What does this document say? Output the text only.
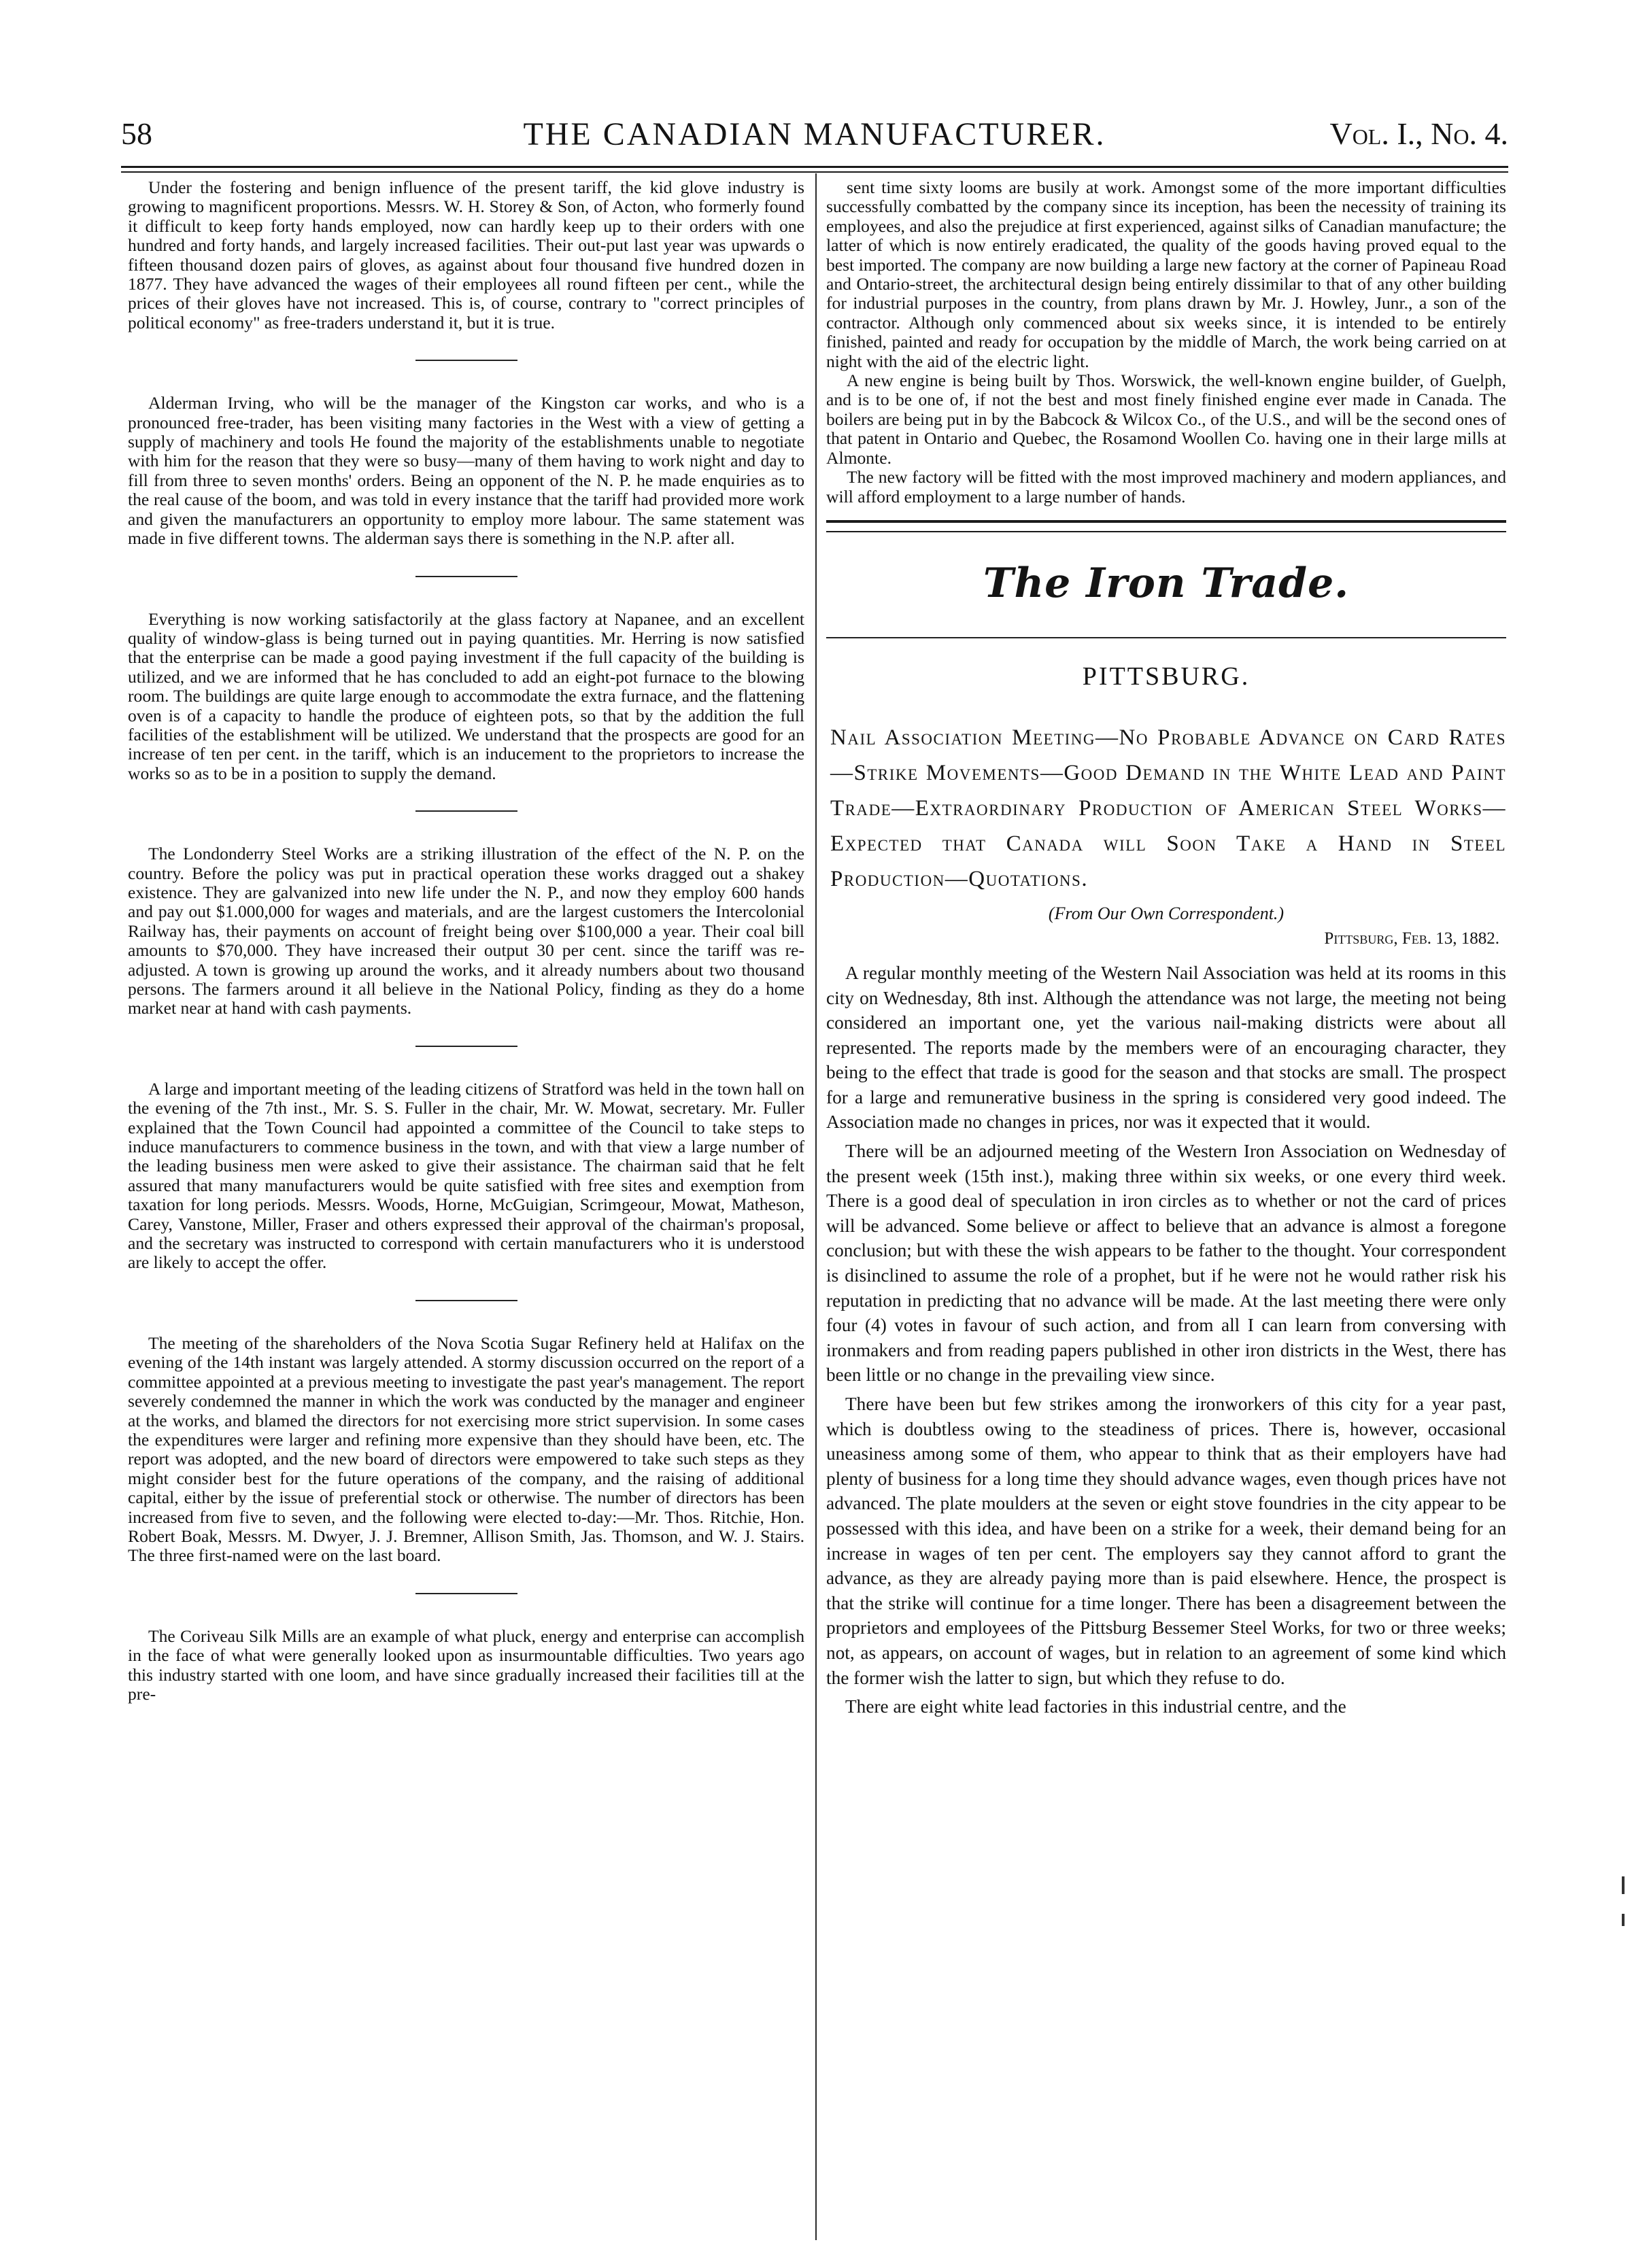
58	THE CANADIAN MANUFACTURER.	Vol. I., No. 4.

Under the fostering and benign influence of the present tariff, the kid glove industry is growing to magnificent proportions. Messrs. W. H. Storey & Son, of Acton, who formerly found it difficult to keep forty hands employed, now can hardly keep up to their orders with one hundred and forty hands, and largely increased facilities. Their out-put last year was upwards o fifteen thousand dozen pairs of gloves, as against about four thousand five hundred dozen in 1877. They have advanced the wages of their employees all round fifteen per cent., while the prices of their gloves have not increased. This is, of course, contrary to "correct principles of political economy" as free-traders understand it, but it is true.

Alderman Irving, who will be the manager of the Kingston car works, and who is a pronounced free-trader, has been visiting many factories in the West with a view of getting a supply of machinery and tools He found the majority of the establishments unable to negotiate with him for the reason that they were so busy—many of them having to work night and day to fill from three to seven months' orders. Being an opponent of the N. P. he made enquiries as to the real cause of the boom, and was told in every instance that the tariff had provided more work and given the manufacturers an opportunity to employ more labour. The same statement was made in five different towns. The alderman says there is something in the N.P. after all.

Everything is now working satisfactorily at the glass factory at Napanee, and an excellent quality of window-glass is being turned out in paying quantities. Mr. Herring is now satisfied that the enterprise can be made a good paying investment if the full capacity of the building is utilized, and we are informed that he has concluded to add an eight-pot furnace to the blowing room. The buildings are quite large enough to accommodate the extra furnace, and the flattening oven is of a capacity to handle the produce of eighteen pots, so that by the addition the full facilities of the establishment will be utilized. We understand that the prospects are good for an increase of ten per cent. in the tariff, which is an inducement to the proprietors to increase the works so as to be in a position to supply the demand.

The Londonderry Steel Works are a striking illustration of the effect of the N. P. on the country. Before the policy was put in practical operation these works dragged out a shakey existence. They are galvanized into new life under the N. P., and now they employ 600 hands and pay out $1.000,000 for wages and materials, and are the largest customers the Intercolonial Railway has, their payments on account of freight being over $100,000 a year. Their coal bill amounts to $70,000. They have increased their output 30 per cent. since the tariff was re-adjusted. A town is growing up around the works, and it already numbers about two thousand persons. The farmers around it all believe in the National Policy, finding as they do a home market near at hand with cash payments.

A large and important meeting of the leading citizens of Stratford was held in the town hall on the evening of the 7th inst., Mr. S. S. Fuller in the chair, Mr. W. Mowat, secretary. Mr. Fuller explained that the Town Council had appointed a committee of the Council to take steps to induce manufacturers to commence business in the town, and with that view a large number of the leading business men were asked to give their assistance. The chairman said that he felt assured that many manufacturers would be quite satisfied with free sites and exemption from taxation for long periods. Messrs. Woods, Horne, McGuigian, Scrimgeour, Mowat, Matheson, Carey, Vanstone, Miller, Fraser and others expressed their approval of the chairman's proposal, and the secretary was instructed to correspond with certain manufacturers who it is understood are likely to accept the offer.

The meeting of the shareholders of the Nova Scotia Sugar Refinery held at Halifax on the evening of the 14th instant was largely attended. A stormy discussion occurred on the report of a committee appointed at a previous meeting to investigate the past year's management. The report severely condemned the manner in which the work was conducted by the manager and engineer at the works, and blamed the directors for not exercising more strict supervision. In some cases the expenditures were larger and refining more expensive than they should have been, etc. The report was adopted, and the new board of directors were empowered to take such steps as they might consider best for the future operations of the company, and the raising of additional capital, either by the issue of preferential stock or otherwise. The number of directors has been increased from five to seven, and the following were elected to-day:—Mr. Thos. Ritchie, Hon. Robert Boak, Messrs. M. Dwyer, J. J. Bremner, Allison Smith, Jas. Thomson, and W. J. Stairs. The three first-named were on the last board.

The Coriveau Silk Mills are an example of what pluck, energy and enterprise can accomplish in the face of what were generally looked upon as insurmountable difficulties. Two years ago this industry started with one loom, and have since gradually increased their facilities till at the pre-

sent time sixty looms are busily at work. Amongst some of the more important difficulties successfully combatted by the company since its inception, has been the necessity of training its employees, and also the prejudice at first experienced, against silks of Canadian manufacture; the latter of which is now entirely eradicated, the quality of the goods having proved equal to the best imported. The company are now building a large new factory at the corner of Papineau Road and Ontario-street, the architectural design being entirely dissimilar to that of any other building for industrial purposes in the country, from plans drawn by Mr. J. Howley, Junr., a son of the contractor. Although only commenced about six weeks since, it is intended to be entirely finished, painted and ready for occupation by the middle of March, the work being carried on at night with the aid of the electric light.

A new engine is being built by Thos. Worswick, the well-known engine builder, of Guelph, and is to be one of, if not the best and most finely finished engine ever made in Canada. The boilers are being put in by the Babcock & Wilcox Co., of the U.S., and will be the second ones of that patent in Ontario and Quebec, the Rosamond Woollen Co. having one in their large mills at Almonte.

The new factory will be fitted with the most improved machinery and modern appliances, and will afford employment to a large number of hands.

The Iron Trade.
PITTSBURG.
Nail Association Meeting—No Probable Advance on Card Rates—Strike Movements—Good Demand in the White Lead and Paint Trade—Extraordinary Production of American Steel Works—Expected that Canada will Soon Take a Hand in Steel Production—Quotations.
(From Our Own Correspondent.)
Pittsburg, Feb. 13, 1882.

A regular monthly meeting of the Western Nail Association was held at its rooms in this city on Wednesday, 8th inst. Although the attendance was not large, the meeting not being considered an important one, yet the various nail-making districts were about all represented. The reports made by the members were of an encouraging character, they being to the effect that trade is good for the season and that stocks are small. The prospect for a large and remunerative business in the spring is considered very good indeed. The Association made no changes in prices, nor was it expected that it would.

There will be an adjourned meeting of the Western Iron Association on Wednesday of the present week (15th inst.), making three within six weeks, or one every third week. There is a good deal of speculation in iron circles as to whether or not the card of prices will be advanced. Some believe or affect to believe that an advance is almost a foregone conclusion; but with these the wish appears to be father to the thought. Your correspondent is disinclined to assume the role of a prophet, but if he were not he would rather risk his reputation in predicting that no advance will be made. At the last meeting there were only four (4) votes in favour of such action, and from all I can learn from conversing with ironmakers and from reading papers published in other iron districts in the West, there has been little or no change in the prevailing view since.

There have been but few strikes among the ironworkers of this city for a year past, which is doubtless owing to the steadiness of prices. There is, however, occasional uneasiness among some of them, who appear to think that as their employers have had plenty of business for a long time they should advance wages, even though prices have not advanced. The plate moulders at the seven or eight stove foundries in the city appear to be possessed with this idea, and have been on a strike for a week, their demand being for an increase in wages of ten per cent. The employers say they cannot afford to grant the advance, as they are already paying more than is paid elsewhere. Hence, the prospect is that the strike will continue for a time longer. There has been a disagreement between the proprietors and employees of the Pittsburg Bessemer Steel Works, for two or three weeks; not, as appears, on account of wages, but in relation to an agreement of some kind which the former wish the latter to sign, but which they refuse to do.

There are eight white lead factories in this industrial centre, and the
